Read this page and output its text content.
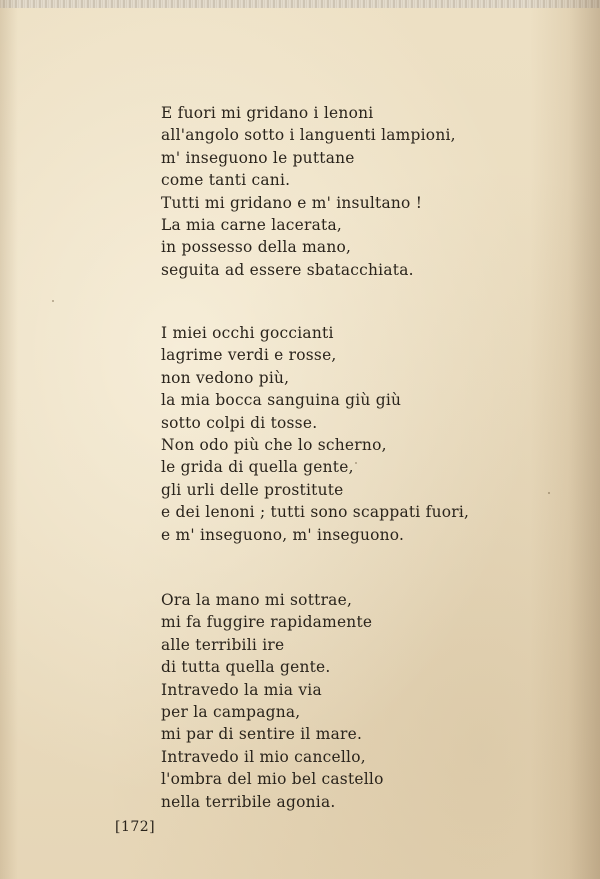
E fuori mi gridano i lenoni
all'angolo sotto i languenti lampioni,
m' inseguono le puttane
come tanti cani.
Tutti mi gridano e m' insultano !
La mia carne lacerata,
in possesso della mano,
seguita ad essere sbatacchiata.
I miei occhi goccianti
lagrime verdi e rosse,
non vedono più,
la mia bocca sanguina giù giù
sotto colpi di tosse.
Non odo più che lo scherno,
le grida di quella gente,
gli urli delle prostitute
e dei lenoni ; tutti sono scappati fuori,
e m' inseguono, m' inseguono.
Ora la mano mi sottrae,
mi fa fuggire rapidamente
alle terribili ire
di tutta quella gente.
Intravedo la mia via
per la campagna,
mi par di sentire il mare.
Intravedo il mio cancello,
l'ombra del mio bel castello
nella terribile agonia.
[172]
